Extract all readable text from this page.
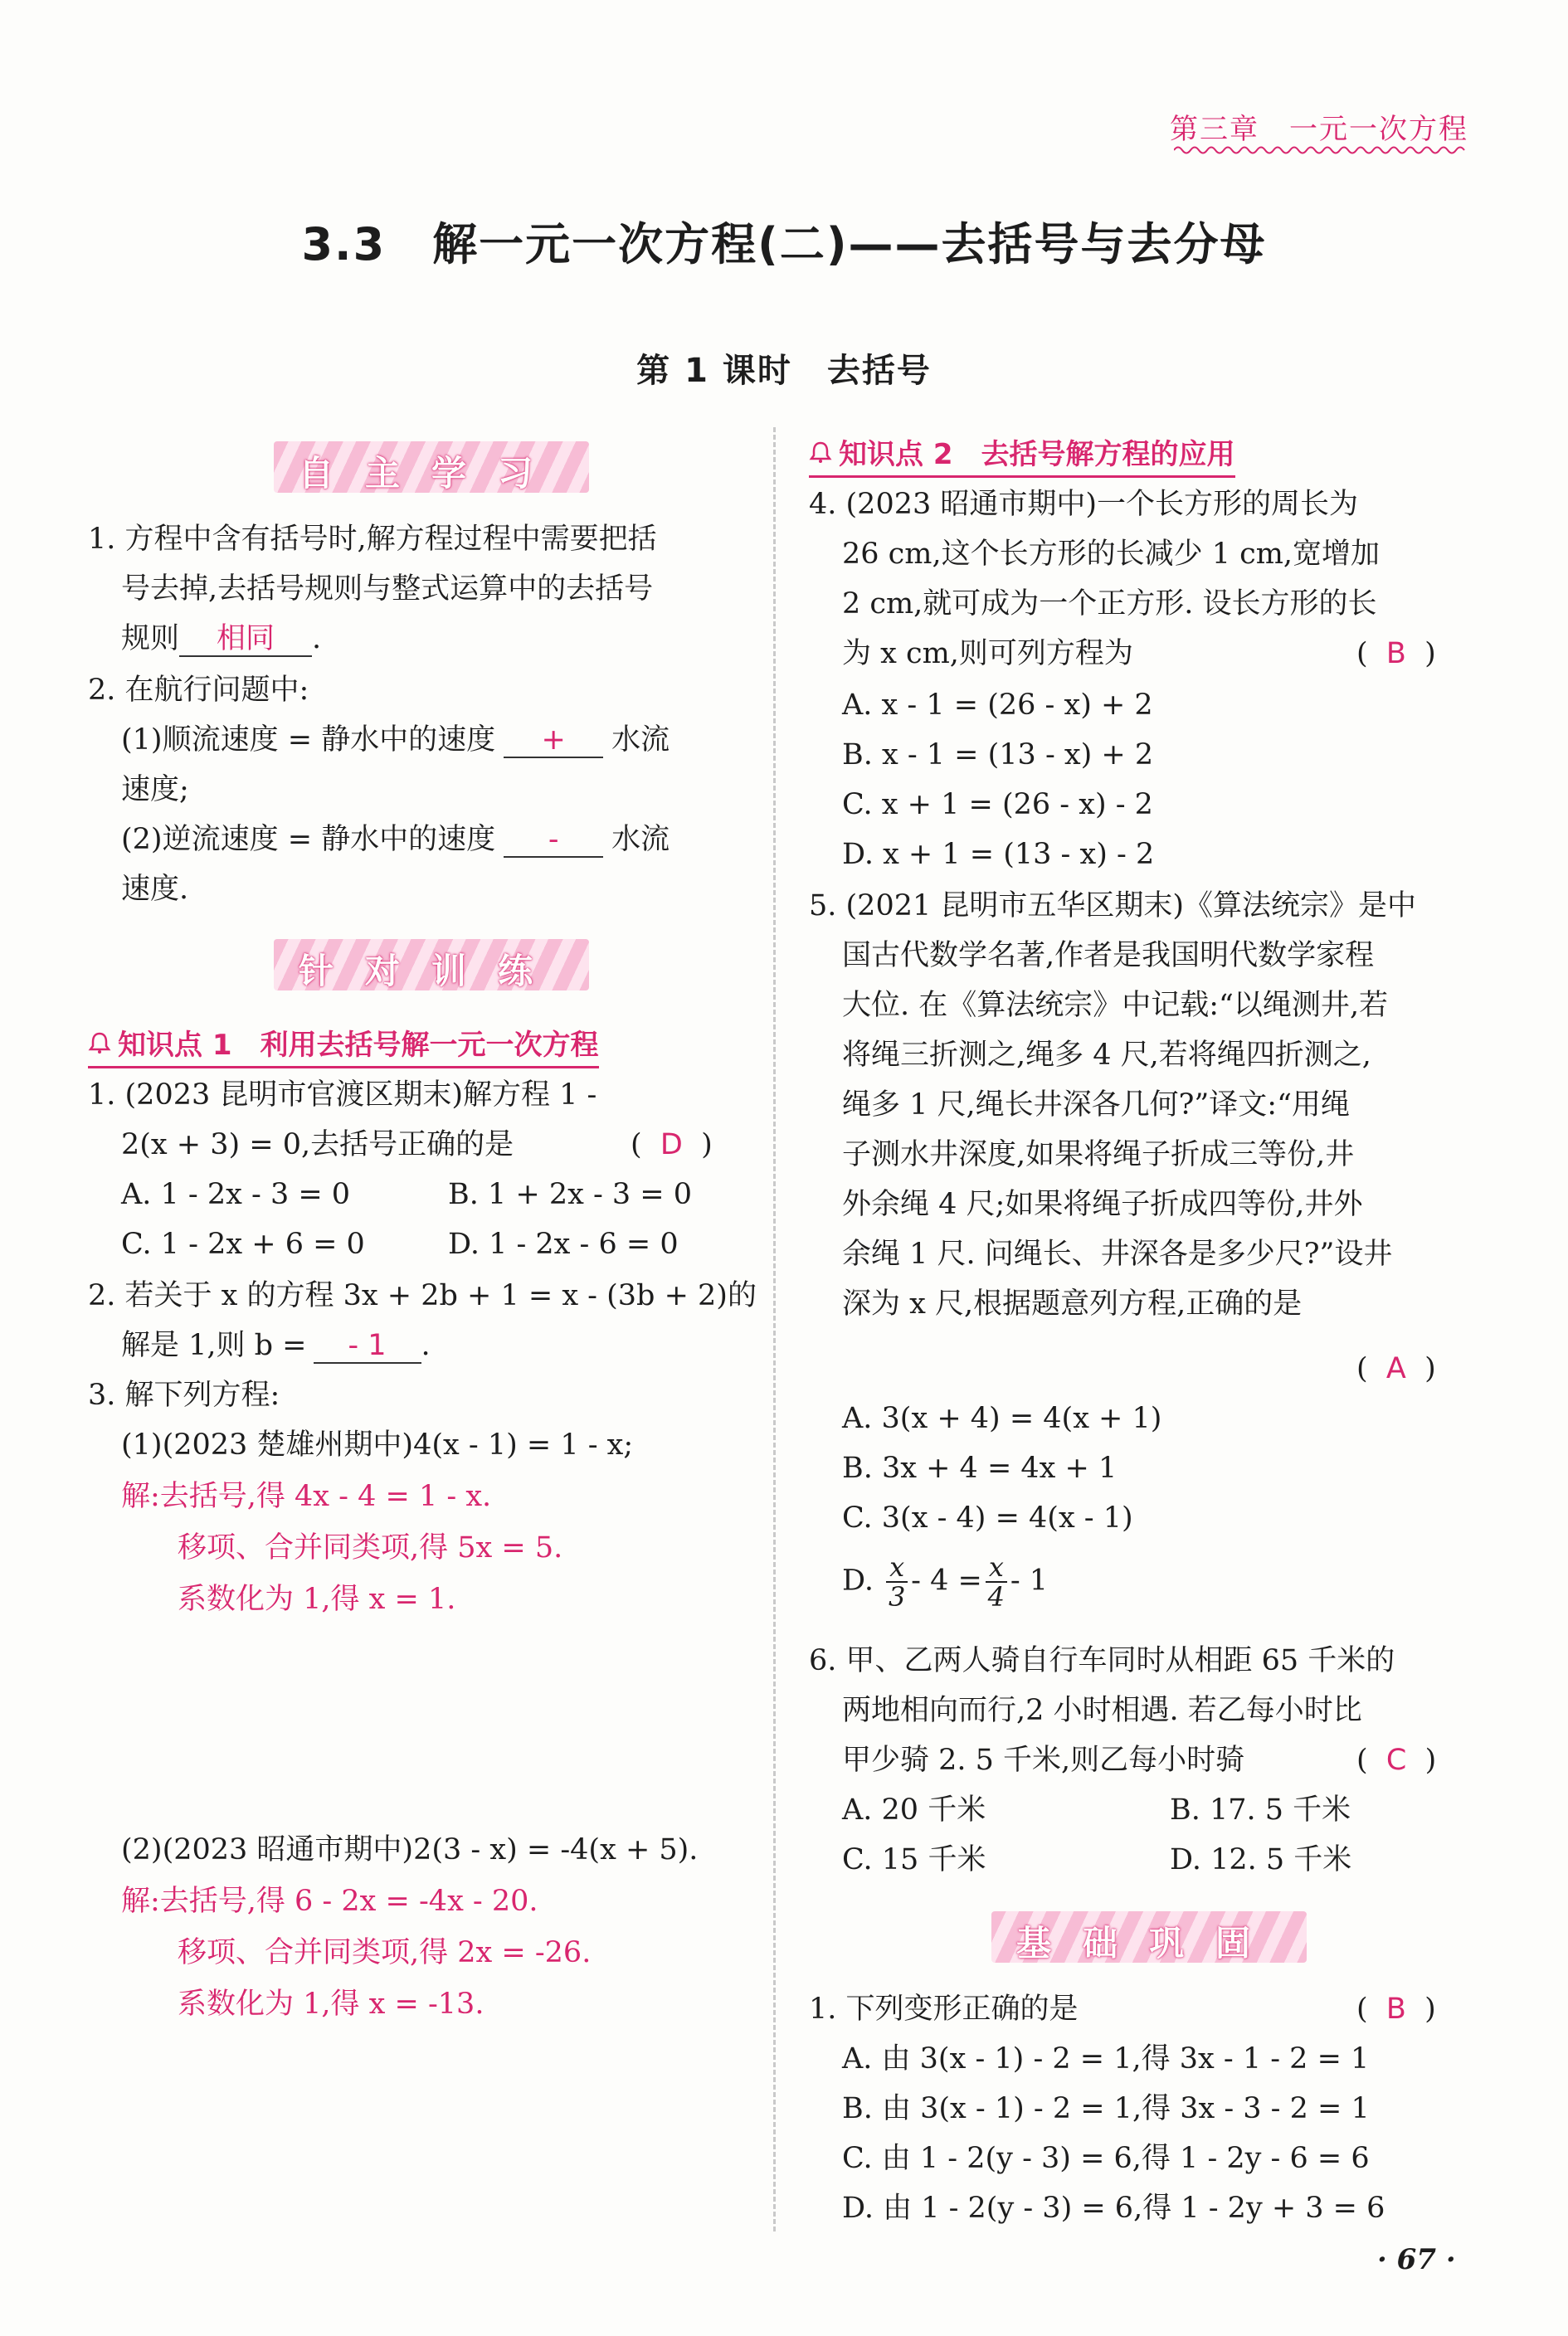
第三章　一元一次方程
3.3　解一元一次方程(二)——去括号与去分母
第 1 课时　去括号
自主学习
1. 方程中含有括号时,解方程过程中需要把括
号去掉,去括号规则与整式运算中的去括号
规则 相同 .
2. 在航行问题中:
(1)顺流速度 = 静水中的速度 + 水流
速度;
(2)逆流速度 = 静水中的速度 - 水流
速度.
针对训练
知识点 1　利用去括号解一元一次方程
1. (2023 昆明市官渡区期末)解方程 1 -
2(x + 3) = 0,去括号正确的是	(  D  )
A. 1 - 2x - 3 = 0	B. 1 + 2x - 3 = 0
C. 1 - 2x + 6 = 0	D. 1 - 2x - 6 = 0
2. 若关于 x 的方程 3x + 2b + 1 = x - (3b + 2)的
解是 1,则 b = - 1 .
3. 解下列方程:
(1)(2023 楚雄州期中)4(x - 1) = 1 - x;
解:去括号,得 4x - 4 = 1 - x.
移项、合并同类项,得 5x = 5.
系数化为 1,得 x = 1.
(2)(2023 昭通市期中)2(3 - x) = -4(x + 5).
解:去括号,得 6 - 2x = -4x - 20.
移项、合并同类项,得 2x = -26.
系数化为 1,得 x = -13.
知识点 2　去括号解方程的应用
4. (2023 昭通市期中)一个长方形的周长为
26 cm,这个长方形的长减少 1 cm,宽增加
2 cm,就可成为一个正方形. 设长方形的长
为 x cm,则可列方程为	(  B  )
A. x - 1 = (26 - x) + 2
B. x - 1 = (13 - x) + 2
C. x + 1 = (26 - x) - 2
D. x + 1 = (13 - x) - 2
5. (2021 昆明市五华区期末)《算法统宗》是中
国古代数学名著,作者是我国明代数学家程
大位. 在《算法统宗》中记载:“以绳测井,若
将绳三折测之,绳多 4 尺,若将绳四折测之,
绳多 1 尺,绳长井深各几何?”译文:“用绳
子测水井深度,如果将绳子折成三等份,井
外余绳 4 尺;如果将绳子折成四等份,井外
余绳 1 尺. 问绳长、井深各是多少尺?”设井
深为 x 尺,根据题意列方程,正确的是
(  A  )
A. 3(x + 4) = 4(x + 1)
B. 3x + 4 = 4x + 1
C. 3(x - 4) = 4(x - 1)
D. $\frac{x}{3} - 4 = \frac{x}{4} - 1$
6. 甲、乙两人骑自行车同时从相距 65 千米的
两地相向而行,2 小时相遇. 若乙每小时比
甲少骑 2. 5 千米,则乙每小时骑	(  C  )
A. 20 千米	B. 17. 5 千米
C. 15 千米	D. 12. 5 千米
基础巩固
1. 下列变形正确的是	(  B  )
A. 由 3(x - 1) - 2 = 1,得 3x - 1 - 2 = 1
B. 由 3(x - 1) - 2 = 1,得 3x - 3 - 2 = 1
C. 由 1 - 2(y - 3) = 6,得 1 - 2y - 6 = 6
D. 由 1 - 2(y - 3) = 6,得 1 - 2y + 3 = 6
· 67 ·
